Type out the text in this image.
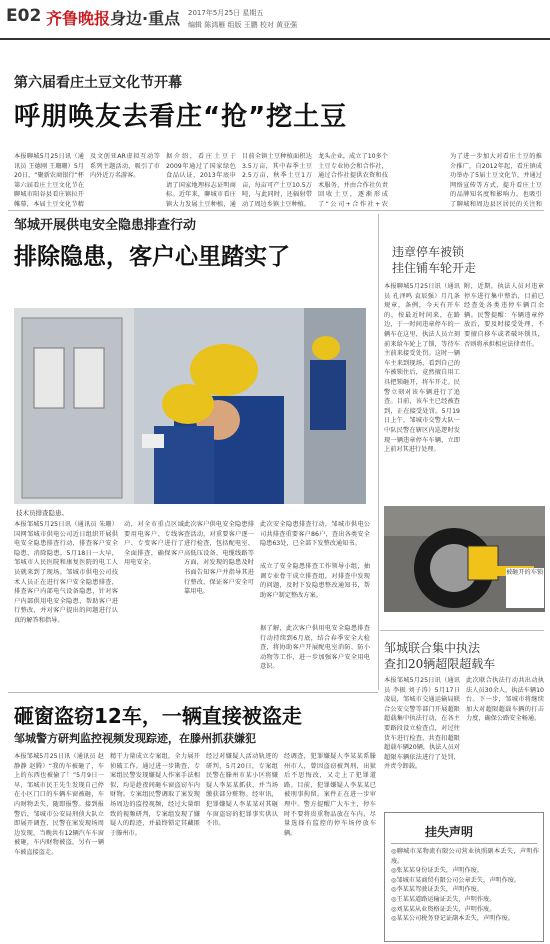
E02 齐鲁晚报 身边·重点 2017年5月25日 星期五
编辑 陈鸿雁 组版 王鹏 校对 黄亚强
第六届看庄土豆文化节开幕
呼朋唤友去看庄“抢”挖土豆
本报聊城5月25日讯（通讯员 王德刚 王珊珊）5月20日，“聚新农商银行”杯第六届看庄土豆文化节在聊城市阳谷县看庄镇拉开帷幕，本届土豆文化节精
及文创亚AR虚拟互动等系列主题活动，吸引了市内外近万名游客。
据介绍，看庄土豆于2009年通过了国家绿色食品认证，2013年底申请了国家地理标志证明商标。近年来，聊城市看庄镇大力发展土豆种植，通
目前全镇土豆种植面积达3.5万亩，其中春季土豆2.5万亩，秋季土豆1万亩，每亩可产土豆10.5万吨，与此同时，还辐射带动了周边乡镇土豆种植。
龙头企业，成立了10多个土豆专业协会和合作社，通过合作社提供农资和技术服务，并由合作社负责回收土豆，逐渐形成了“公司+合作社+农
为了进一步加大对看庄土豆的推介推广，自2012年起，看庄镇成功举办了5届土豆文化节，并通过网络宣传等方式，提升看庄土豆的品牌知名度和影响力，也吸引了聊城和周边县区居民的关注和
邹城开展供电安全隐患排查行动
排除隐患，客户心里踏实了
技术员排查隐患。
本报邹城5月25日讯（通讯员 朱珊）国网邹城市供电公司近日组织开展供电安全隐患排查行动，排查客户安全隐患，消除隐患。5月18日一大早，邹城市人民医院和康复医院的电工人员就来到了现场。邹城市供电公司技术人员正在进行客户安全隐患排查，排查客户内部电气设备隐患，针对客户内部供用电安全隐患，帮助客户进行整改，并对客户提出的问题进行认真的解答和指导。
动，对全市重点区域要用电客户、专线客户、专变客户进行了全面排查，确保客户用电安全。
此次客户供电安全隐患排查活动，对重要客户逐一进行检查，包括配电室、高低压设备、电缆线路等方面，对发现的隐患及时书面告知客户并指导其进行整改，保证客户安全可靠用电。
此次安全隐患排查行动，邹城市供电公司共排查重要客户86户，查出各类安全隐患63处，已全部下发整改通知书。
成立了安全隐患排查工作领导小组，抽调专业骨干成立排查组，对排查中发现的问题，及时下发隐患整改通知书，帮助客户制定整改方案。
据了解，此次客户供用电安全隐患排查行动持续到6月底，结合春季安全大检查，将协助客户开展配电室消防、防小动物等工作，进一步加强客户安全用电意识。
违章停车被锁
挂住铺车轮开走
本报聊城5月25日讯（通讯员 孔泽鸣 袁辰强）月几条规章，条例，今天有开车的，按最近时间来，在路边，于一时间违章停车的一辆车在这里，执法人员立刻前来给车轮上了锁，等待车主前来接受处罚。这时一辆车主来到现场，看到自己的车被锁住后，竟然擅自用工具把锁砸开，将车开走。民警立刻对该车辆进行了追查。目前，该车主已经被查到，正在接受处罚。5月19日上午，邹城市交警大队一中队民警在辖区内巡逻时发现一辆违章停车车辆，立即上前对其进行处理。
附，近期，执法人员对违章停车进行集中整治，目前已经查处各类违停车辆百余辆。民警提醒：车辆违章停放后，要及时接受处理，不要擅自移车或者破坏锁具，否则将承担相应法律责任。
被砸开的车锁
邹城联合集中执法
查扣20辆超限超载车
本报邹城5月25日讯（通讯员 李振 刘子涛）5月17日凌晨，邹城市交通运输局联合公安交警等部门开展超限超载集中执法行动，在各主要路段设立检查点，对过往货车进行检查，共查扣超限超载车辆20辆，执法人员对超限车辆依法进行了处罚，并责令卸载。
此次联合执法行动共出动执法人员30余人，执法车辆10台。下一步，邹城市将继续加大对超限超载车辆的打击力度，确保公路安全畅通。
砸窗盗窃12车，一辆直接被盗走
邹城警方研判监控视频发现踪迹，在滕州抓获嫌犯
本报邹城5月25日讯（通讯员 赵静静 赵腾）“我的车被砸了，车上的东西也被偷了！”5月9日一早，邹城市民王先生发现自己停在小区门口的车辆车窗被砸，车内财物丢失，随即报警。接到报警后，邹城市公安局刑侦大队立即展开调查，民警在案发现场周边发现，当晚共有12辆汽车车窗被砸，车内财物被盗，另有一辆车被直接盗走。
精干力量成立专案组，全力展开侦破工作。通过进一步勘查，专案组民警发现嫌疑人作案手法相似，均是趁夜间砸车窗盗窃车内财物。专案组民警调取了案发现场周边的监控视频，经过大量细致的视频研判，专案组发现了嫌疑人的踪迹，并最终锁定其藏匿于滕州市。
经过对嫌疑人活动轨迹的研判，5月20日，专案组民警在滕州市某小区将嫌疑人李某某抓获，并当场缴获部分赃物。经审讯，犯罪嫌疑人李某某对其砸车窗盗窃的犯罪事实供认不讳。
经调查，犯罪嫌疑人李某某系滕州市人，曾因盗窃被判刑，出狱后不思悔改，又走上了犯罪道路。目前，犯罪嫌疑人李某某已被刑事拘留，案件正在进一步审理中。警方提醒广大车主，停车时不要将贵重物品放在车内，尽量选择有监控的停车场停放车辆。	挂失声明
◎聊城市某物流有限公司营业执照副本丢失，声明作废。
◎张某某身份证丢失，声明作废。
◎邹城市某商贸有限公司公章丢失，声明作废。
◎李某某驾驶证丢失，声明作废。
◎王某某道路运输证丢失，声明作废。
◎刘某某从业资格证丢失，声明作废。
◎某某公司税务登记证副本丢失，声明作废。
